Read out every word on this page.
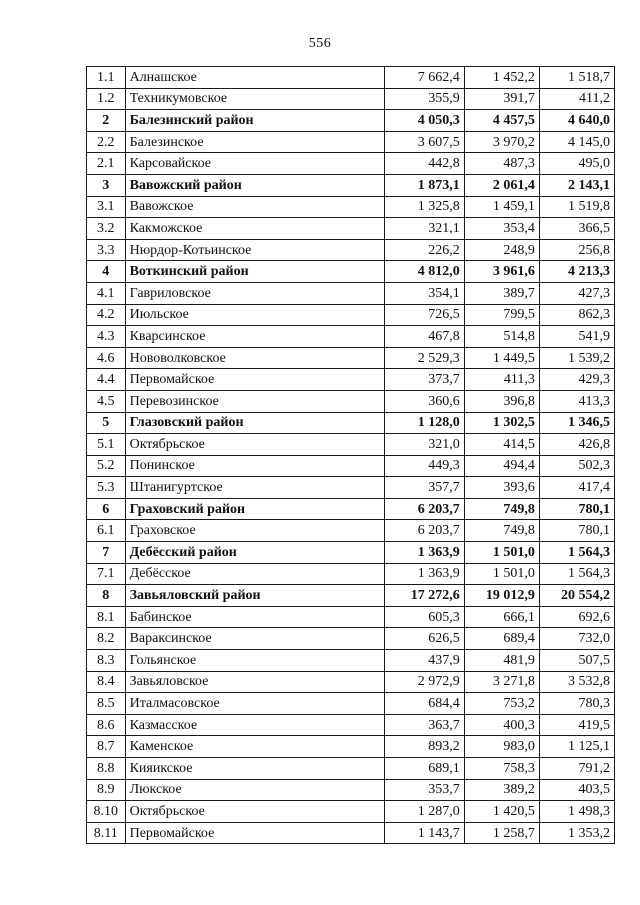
556
1.1	Алнашское	7 662,4	1 452,2	1 518,7
1.2	Техникумовское	355,9	391,7	411,2
2	Балезинский район	4 050,3	4 457,5	4 640,0
2.2	Балезинское	3 607,5	3 970,2	4 145,0
2.1	Карсовайское	442,8	487,3	495,0
3	Вавожский район	1 873,1	2 061,4	2 143,1
3.1	Вавожское	1 325,8	1 459,1	1 519,8
3.2	Какможское	321,1	353,4	366,5
3.3	Нюрдор-Котьинское	226,2	248,9	256,8
4	Воткинский район	4 812,0	3 961,6	4 213,3
4.1	Гавриловское	354,1	389,7	427,3
4.2	Июльское	726,5	799,5	862,3
4.3	Кварсинское	467,8	514,8	541,9
4.6	Нововолковское	2 529,3	1 449,5	1 539,2
4.4	Первомайское	373,7	411,3	429,3
4.5	Перевозинское	360,6	396,8	413,3
5	Глазовский район	1 128,0	1 302,5	1 346,5
5.1	Октябрьское	321,0	414,5	426,8
5.2	Понинское	449,3	494,4	502,3
5.3	Штанигуртское	357,7	393,6	417,4
6	Граховский район	6 203,7	749,8	780,1
6.1	Граховское	6 203,7	749,8	780,1
7	Дебёсский район	1 363,9	1 501,0	1 564,3
7.1	Дебёсское	1 363,9	1 501,0	1 564,3
8	Завьяловский район	17 272,6	19 012,9	20 554,2
8.1	Бабинское	605,3	666,1	692,6
8.2	Вараксинское	626,5	689,4	732,0
8.3	Гольянское	437,9	481,9	507,5
8.4	Завьяловское	2 972,9	3 271,8	3 532,8
8.5	Италмасовское	684,4	753,2	780,3
8.6	Казмасское	363,7	400,3	419,5
8.7	Каменское	893,2	983,0	1 125,1
8.8	Кияикское	689,1	758,3	791,2
8.9	Люкское	353,7	389,2	403,5
8.10	Октябрьское	1 287,0	1 420,5	1 498,3
8.11	Первомайское	1 143,7	1 258,7	1 353,2
